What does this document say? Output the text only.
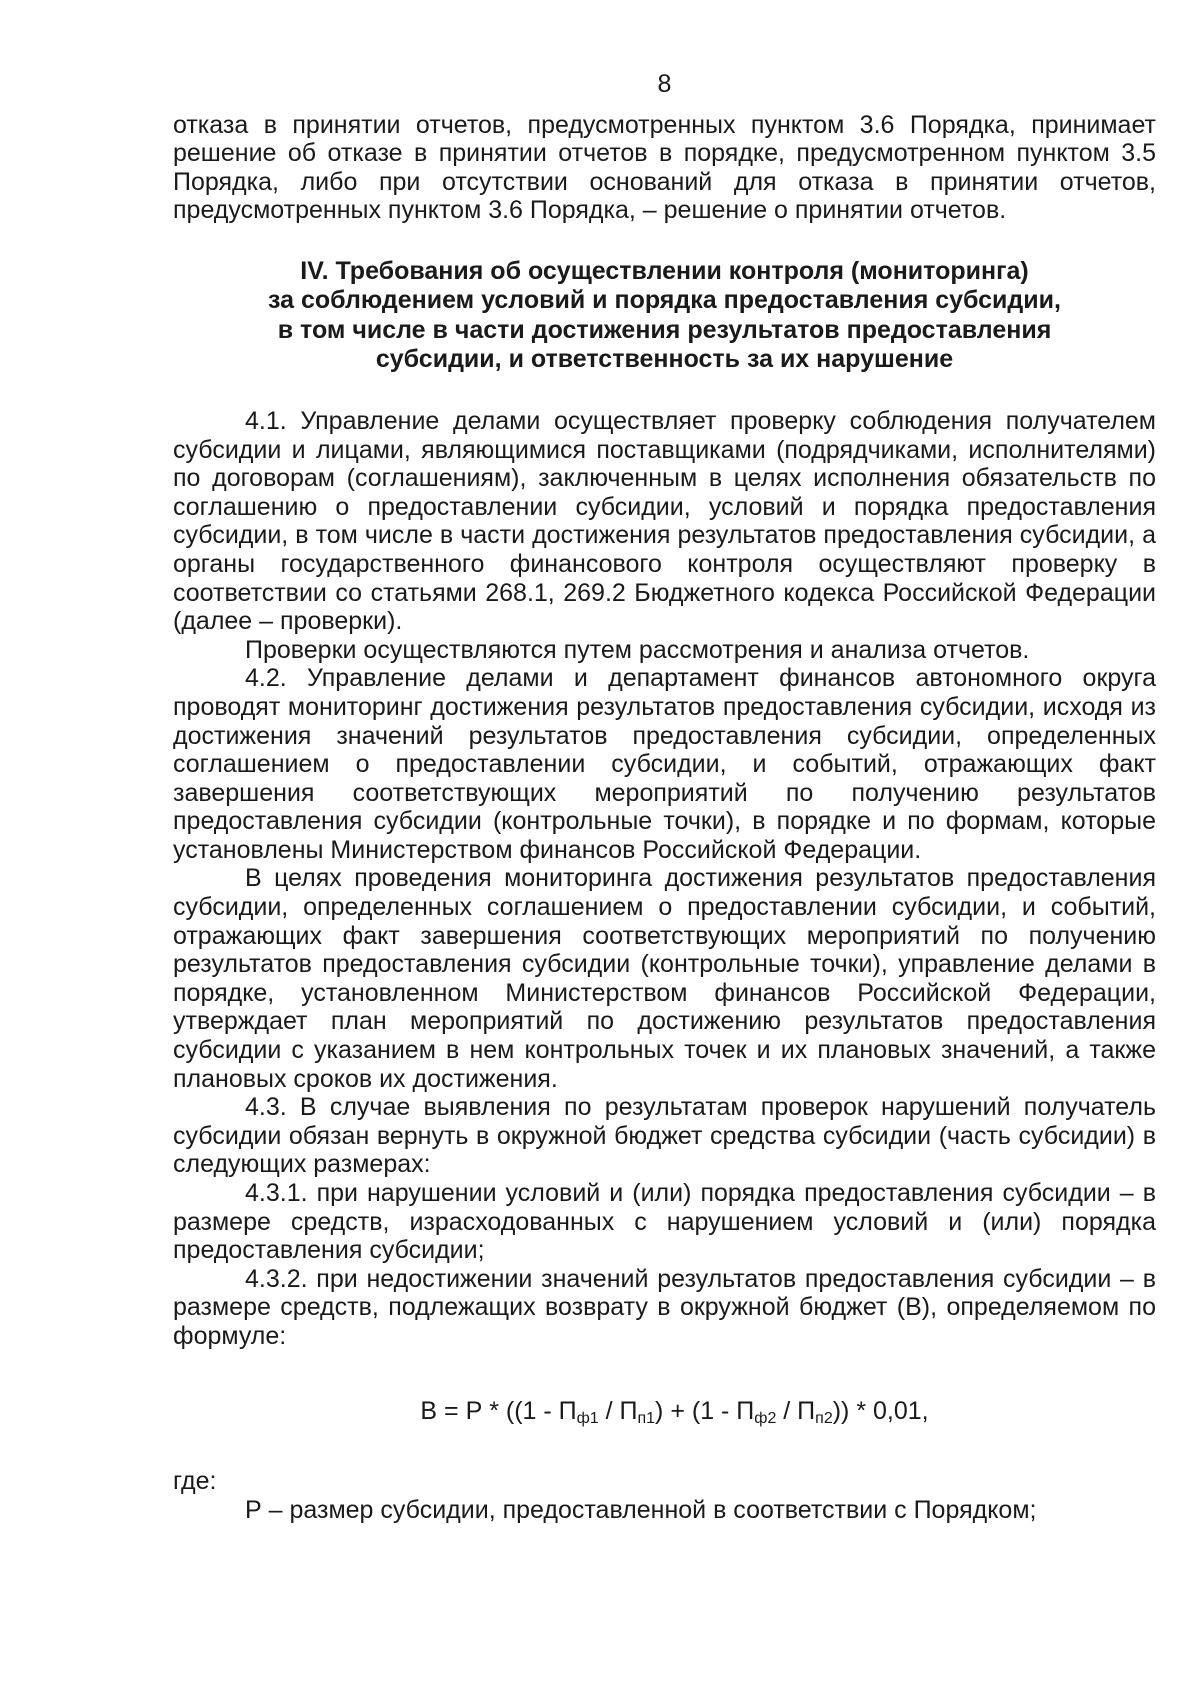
8

отказа в принятии отчетов, предусмотренных пунктом 3.6 Порядка, принимает решение об отказе в принятии отчетов в порядке, предусмотренном пунктом 3.5 Порядка, либо при отсутствии оснований для отказа в принятии отчетов, предусмотренных пунктом 3.6 Порядка, – решение о принятии отчетов.

IV. Требования об осуществлении контроля (мониторинга)
за соблюдением условий и порядка предоставления субсидии,
в том числе в части достижения результатов предоставления
субсидии, и ответственность за их нарушение

4.1. Управление делами осуществляет проверку соблюдения получателем субсидии и лицами, являющимися поставщиками (подрядчиками, исполнителями) по договорам (соглашениям), заключенным в целях исполнения обязательств по соглашению о предоставлении субсидии, условий и порядка предоставления субсидии, в том числе в части достижения результатов предоставления субсидии, а органы государственного финансового контроля осуществляют проверку в соответствии со статьями 268.1, 269.2 Бюджетного кодекса Российской Федерации (далее – проверки).

Проверки осуществляются путем рассмотрения и анализа отчетов.

4.2. Управление делами и департамент финансов автономного округа проводят мониторинг достижения результатов предоставления субсидии, исходя из достижения значений результатов предоставления субсидии, определенных соглашением о предоставлении субсидии, и событий, отражающих факт завершения соответствующих мероприятий по получению результатов предоставления субсидии (контрольные точки), в порядке и по формам, которые установлены Министерством финансов Российской Федерации.

В целях проведения мониторинга достижения результатов предоставления субсидии, определенных соглашением о предоставлении субсидии, и событий, отражающих факт завершения соответствующих мероприятий по получению результатов предоставления субсидии (контрольные точки), управление делами в порядке, установленном Министерством финансов Российской Федерации, утверждает план мероприятий по достижению результатов предоставления субсидии с указанием в нем контрольных точек и их плановых значений, а также плановых сроков их достижения.

4.3. В случае выявления по результатам проверок нарушений получатель субсидии обязан вернуть в окружной бюджет средства субсидии (часть субсидии) в следующих размерах:

4.3.1. при нарушении условий и (или) порядка предоставления субсидии – в размере средств, израсходованных с нарушением условий и (или) порядка предоставления субсидии;

4.3.2. при недостижении значений результатов предоставления субсидии – в размере средств, подлежащих возврату в окружной бюджет (В), определяемом по формуле:

$В = Р * ((1 - П_{ф1} / П_{п1}) + (1 - П_{ф2} / П_{п2})) * 0,01$,

где:

Р – размер субсидии, предоставленной в соответствии с Порядком;
